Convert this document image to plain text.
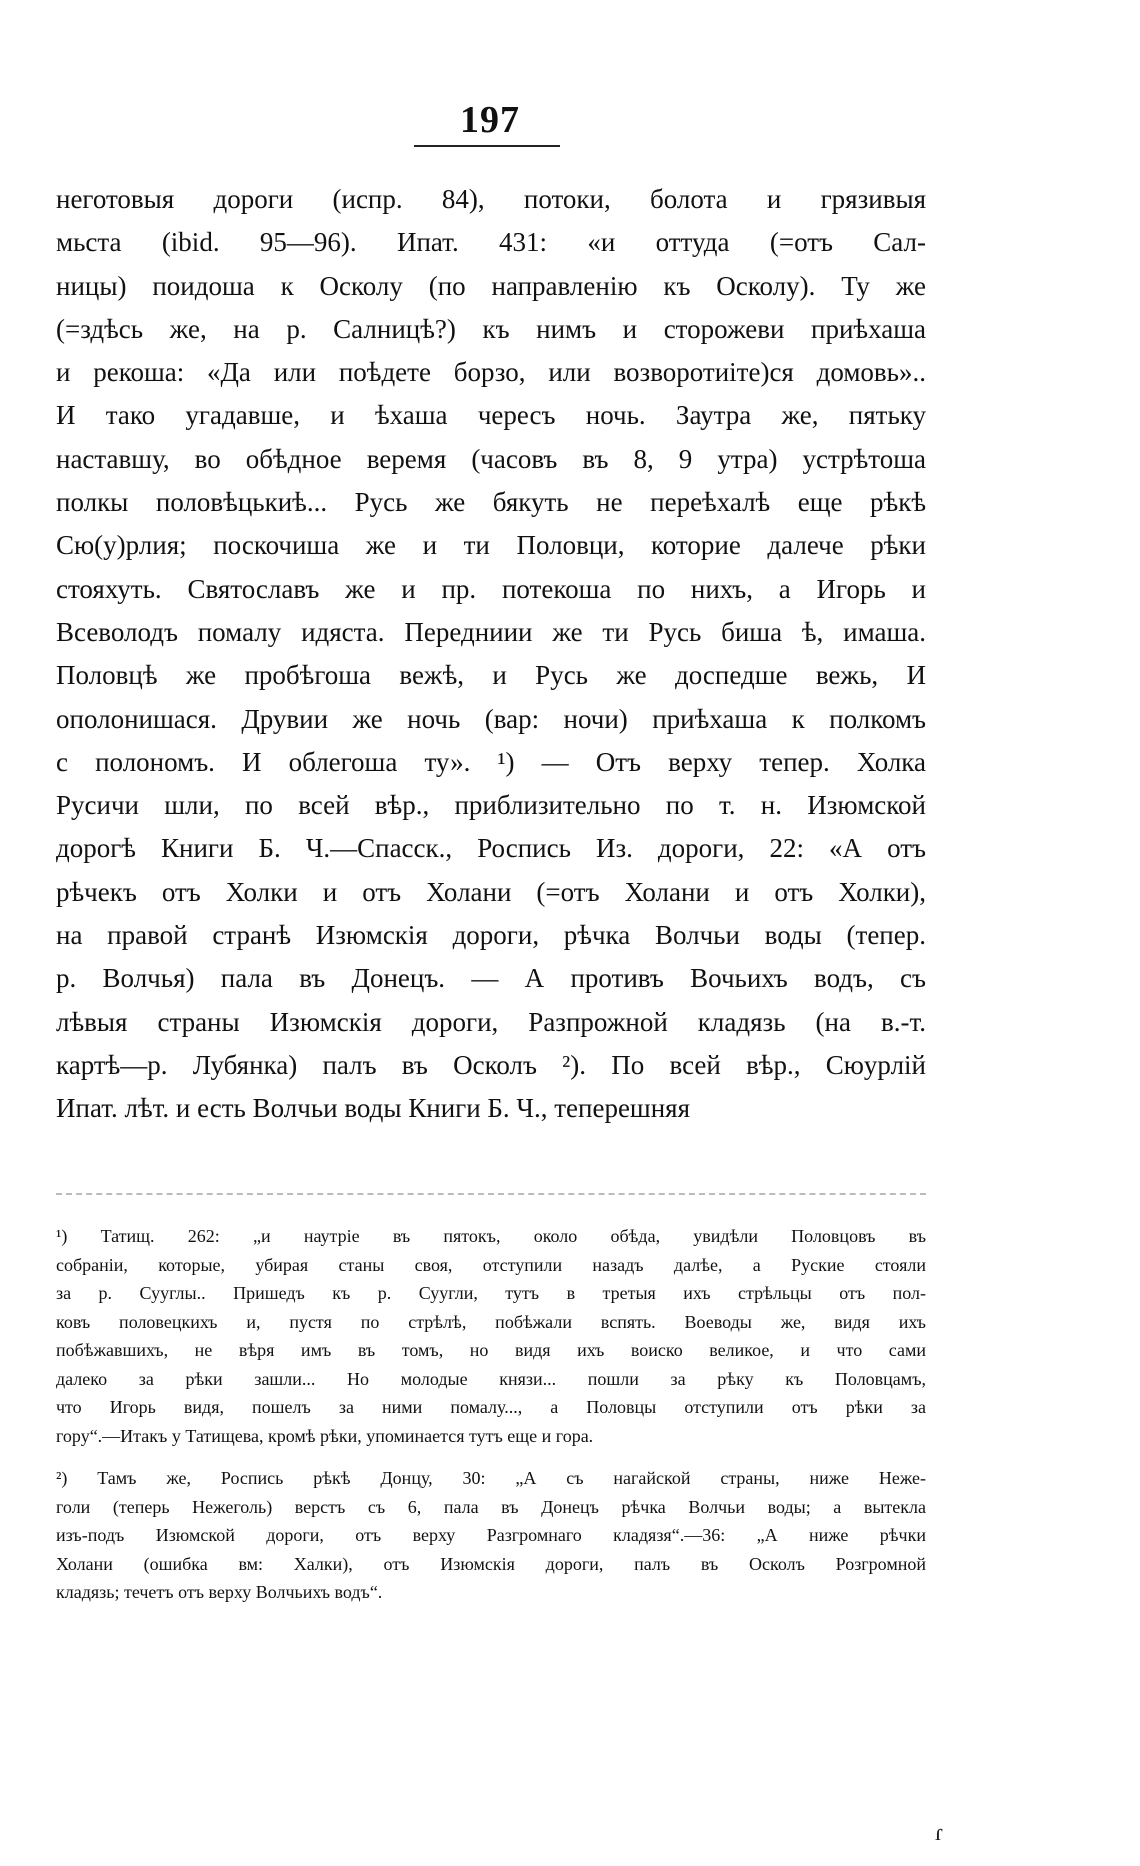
197
неготовыя дороги (испр. 84), потоки, болота и грязивыя
мьста (ibid. 95—96). Ипат. 431: «и оттуда (=отъ Сал-
ницы) поидоша к Осколу (по направленію къ Осколу). Ту же
(=здѣсь же, на р. Салницѣ?) къ нимъ и сторожеви приѣхаша
и рекоша: «Да или поѣдете борзо, или возворотиіте)ся домовь»..
И тако угадавше, и ѣхаша чересъ ночь. Заутра же, пятьку
наставшу, во обѣдное веремя (часовъ въ 8, 9 утра) устрѣтоша
полкы половѣцькиѣ... Русь же бякуть не переѣхалѣ еще рѣкѣ
Сю(у)рлия; поскочиша же и ти Половци, которие далече рѣки
стояхуть. Святославъ же и пр. потекоша по нихъ, а Игорь и
Всеволодъ помалу идяста. Передниии же ти Русь биша ѣ, имаша.
Половцѣ же пробѣгоша вежѣ, и Русь же доспедше вежь, И
ополонишася. Друвии же ночь (вар: ночи) приѣхаша к полкомъ
с полономъ. И облегоша ту». ¹) — Отъ верху тепер. Холка
Русичи шли, по всей вѣр., приблизительно по т. н. Изюмской
дорогѣ Книги Б. Ч.—Спасск., Роспись Из. дороги, 22: «А отъ
рѣчекъ отъ Холки и отъ Холани (=отъ Холани и отъ Холки),
на правой странѣ Изюмскія дороги, рѣчка Волчьи воды (тепер.
р. Волчья) пала въ Донецъ. — А противъ Вочьихъ водъ, съ
лѣвыя страны Изюмскія дороги, Разпрожной кладязь (на в.-т.
картѣ—р. Лубянка) палъ въ Осколъ ²). По всей вѣр., Сюурлій
Ипат. лѣт. и есть Волчьи воды Книги Б. Ч., теперешняя
¹) Татищ. 262: „и наутріе въ пятокъ, около обѣда, увидѣли Половцовъ въ
собраніи, которые, убирая станы своя, отступили назадъ далѣе, а Руские стояли
за р. Сууглы.. Пришедъ къ р. Суугли, тутъ в третыя ихъ стрѣльцы отъ пол-
ковъ половецкихъ и, пустя по стрѣлѣ, побѣжали вспять. Воеводы же, видя ихъ
побѣжавшихъ, не вѣря имъ въ томъ, но видя ихъ воиско великое, и что сами
далеко за рѣки зашли... Но молодые князи... пошли за рѣку къ Половцамъ,
что Игорь видя, пошелъ за ними помалу..., а Половцы отступили отъ рѣки за
гору“.—Итакъ у Татищева, кромѣ рѣки, упоминается тутъ еще и гора.
²) Тамъ же, Роспись рѣкѣ Донцу, 30: „А съ нагайской страны, ниже Неже-
голи (теперь Нежеголь) верстъ съ 6, пала въ Донецъ рѣчка Волчьи воды; а вытекла
изъ-подъ Изюмской дороги, отъ верху Разгромнаго кладязя“.—36: „А ниже рѣчки
Холани (ошибка вм: Халки), отъ Изюмскія дороги, палъ въ Осколъ Розгромной
кладязь; течетъ отъ верху Волчьихъ водъ“.
ɾ
